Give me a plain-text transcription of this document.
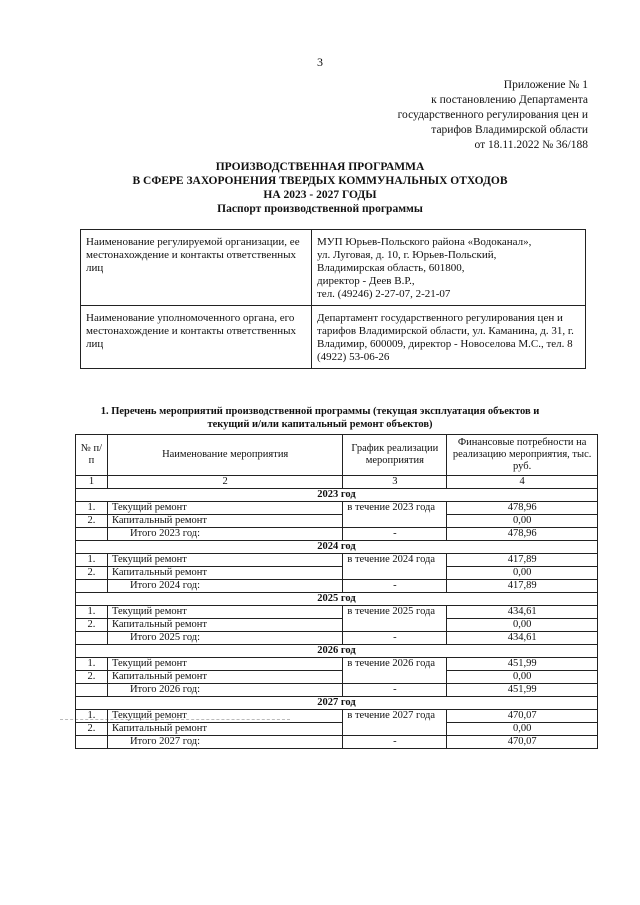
3
Приложение № 1
к постановлению Департамента
государственного регулирования цен и
тарифов Владимирской области
от 18.11.2022 № 36/188
ПРОИЗВОДСТВЕННАЯ ПРОГРАММА
В СФЕРЕ ЗАХОРОНЕНИЯ ТВЕРДЫХ КОММУНАЛЬНЫХ ОТХОДОВ
НА 2023 - 2027 ГОДЫ
Паспорт производственной программы
Наименование регулируемой организации, ее местонахождение и контакты ответственных лиц	МУП Юрьев-Польского района «Водоканал»,
ул. Луговая, д. 10, г. Юрьев-Польский,
Владимирская область, 601800,
директор - Деев В.Р.,
тел. (49246) 2-27-07, 2-21-07

Наименование уполномоченного органа, его местонахождение и контакты ответственных лиц	Департамент государственного регулирования цен и тарифов Владимирской области, ул. Каманина, д. 31, г. Владимир, 600009, директор - Новоселова М.С., тел. 8 (4922) 53-06-26
1. Перечень мероприятий производственной программы (текущая эксплуатация объектов и
текущий и/или капитальный ремонт объектов)
№ п/п	Наименование мероприятия	График реализации мероприятия	Финансовые потребности на реализацию мероприятия, тыс. руб.
1	2	3	4
2023 год			
1.	Текущий ремонт	в течение 2023 года	478,96
2.	Капитальный ремонт		0,00
	Итого 2023 год:	-	478,96
2024 год			
1.	Текущий ремонт	в течение 2024 года	417,89
2.	Капитальный ремонт		0,00
	Итого 2024 год:	-	417,89
2025 год			
1.	Текущий ремонт	в течение 2025 года	434,61
2.	Капитальный ремонт		0,00
	Итого 2025 год:	-	434,61
2026 год			
1.	Текущий ремонт	в течение 2026 года	451,99
2.	Капитальный ремонт		0,00
	Итого 2026 год:	-	451,99
2027 год			
1.	Текущий ремонт	в течение 2027 года	470,07
2.	Капитальный ремонт		0,00
	Итого 2027 год:	-	470,07
